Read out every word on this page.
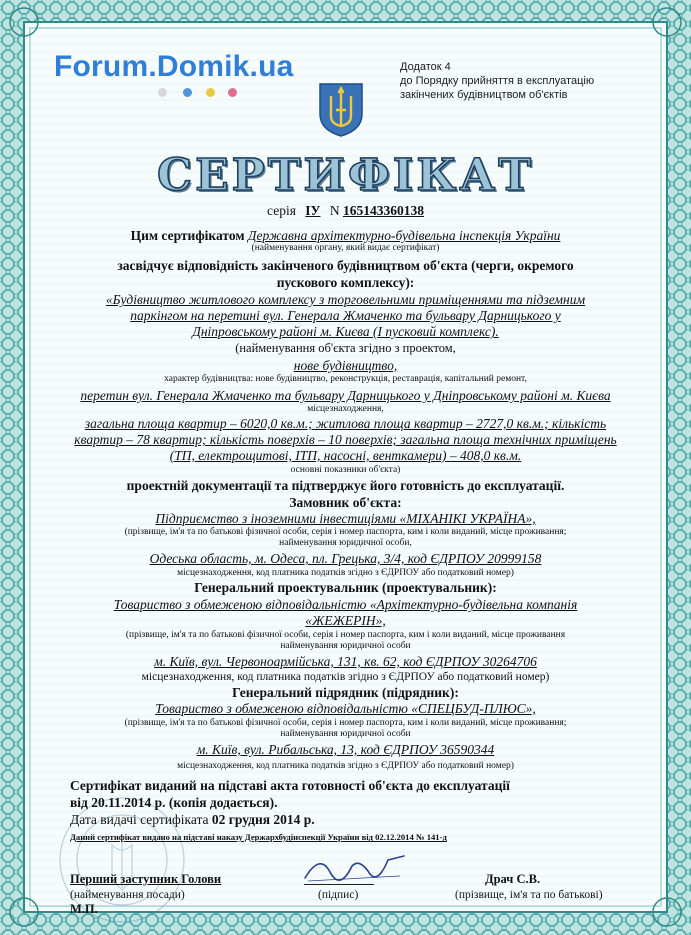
Forum.Domik.ua	Додаток 4
до Порядку прийняття в експлуатацію
закінчених будівництвом об'єктів
СЕРТИФІКАТ
серія ІУ N 165143360138
Цим сертифікатом Державна архітектурно-будівельна інспекція України
(найменування органу, який видає сертифікат)
засвідчує відповідність закінченого будівництвом об'єкта (черги, окремого
пускового комплексу):
«Будівництво житлового комплексу з торговельними приміщеннями та підземним
паркінгом на перетині вул. Генерала Жмаченко та бульвару Дарницького у
Дніпровському районі м. Києва (І пусковий комплекс).
(найменування об'єкта згідно з проектом,
нове будівництво,
характер будівництва: нове будівництво, реконструкція, реставрація, капітальний ремонт,
перетин вул. Генерала Жмаченко та бульвару Дарницького у Дніпровському районі м. Києва
місцезнаходження,
загальна площа квартир – 6020,0 кв.м.; житлова площа квартир – 2727,0 кв.м.; кількість
квартир – 78 квартир; кількість поверхів – 10 поверхів; загальна площа технічних приміщень
(ТП, електрощитові, ІТП, насосні, венткамери) – 408,0 кв.м.
основні показники об'єкта)
проектній документації та підтверджує його готовність до експлуатації.
Замовник об'єкта:
Підприємство з іноземними інвестиціями «МІХАНІКІ УКРАЇНА»,
(прізвище, ім'я та по батькові фізичної особи, серія і номер паспорта, ким і коли виданий, місце проживання;
найменування юридичної особи,
Одеська область, м. Одеса, пл. Грецька, 3/4, код ЄДРПОУ 20999158
місцезнаходження, код платника податків згідно з ЄДРПОУ або податковий номер)
Генеральний проектувальник (проектувальник):
Товариство з обмеженою відповідальністю «Архітектурно-будівельна компанія
«ЖЕЖЕРІН»,
(прізвище, ім'я та по батькові фізичної особи, серія і номер паспорта, ким і коли виданий, місце проживання
найменування юридичної особи
м. Київ, вул. Червоноармійська, 131, кв. 62, код ЄДРПОУ 30264706
місцезнаходження, код платника податків згідно з ЄДРПОУ або податковий номер)
Генеральний підрядник (підрядник):
Товариство з обмеженою відповідальністю «СПЕЦБУД-ПЛЮС»,
(прізвище, ім'я та по батькові фізичної особи, серія і номер паспорта, ким і коли виданий, місце проживання;
найменування юридичної особи
м. Київ, вул. Рибальська, 13, код ЄДРПОУ 36590344
місцезнаходження, код платника податків згідно з ЄДРПОУ або податковий номер)
Сертифікат виданий на підставі акта готовності об'єкта до експлуатації
від 20.11.2014 р. (копія додається).
Дата видачі сертифіката 02 грудня 2014 р.
Даний сертифікат видано на підставі наказу Держархбудінспекції України від 02.12.2014 № 141-д
Перший заступник Голови
(найменування посади)
М.П.
(підпис)
Драч С.В.
(прізвище, ім'я та по батькові)
